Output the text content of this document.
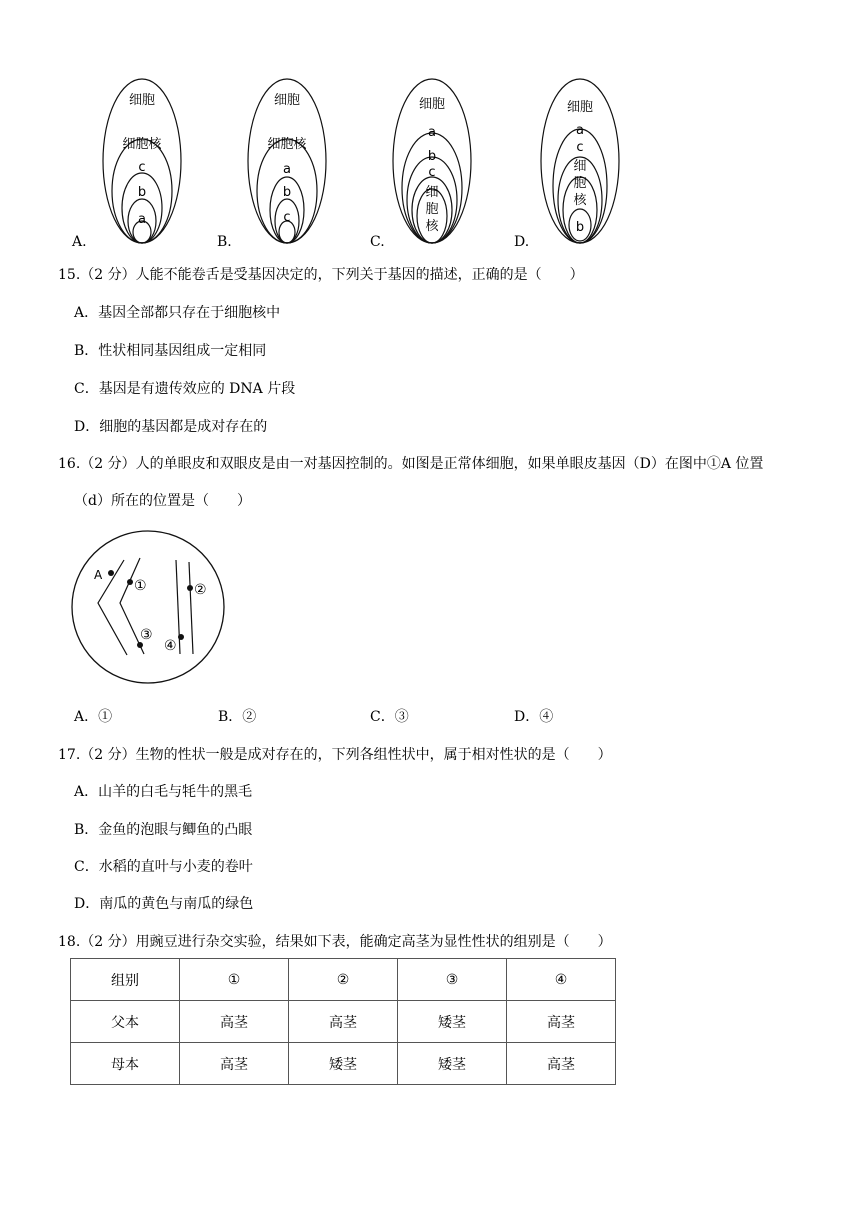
细胞
细胞核
c
b
a
A.
细胞
细胞核
a
b
c
B.
细胞
a
b
c
细
胞
核
C.
细胞
a
c
细
胞
核
b
D.
15.（2 分）人能不能卷舌是受基因决定的，下列关于基因的描述，正确的是（　　）
A．基因全部都只存在于细胞核中
B．性状相同基因组成一定相同
C．基因是有遗传效应的 DNA 片段
D．细胞的基因都是成对存在的
16.（2 分）人的单眼皮和双眼皮是由一对基因控制的。如图是正常体细胞，如果单眼皮基因（D）在图中①A 位置
（d）所在的位置是（　　）
A
①	②
③
④
A．①	B．②	C．③	D．④
17.（2 分）生物的性状一般是成对存在的，下列各组性状中，属于相对性状的是（　　）
A．山羊的白毛与牦牛的黑毛
B．金鱼的泡眼与鲫鱼的凸眼
C．水稻的直叶与小麦的卷叶
D．南瓜的黄色与南瓜的绿色
18.（2 分）用豌豆进行杂交实验，结果如下表，能确定高茎为显性性状的组别是（　　）
组别	①	②	③	④
父本	高茎	高茎	矮茎	高茎
母本	高茎	矮茎	矮茎	高茎
